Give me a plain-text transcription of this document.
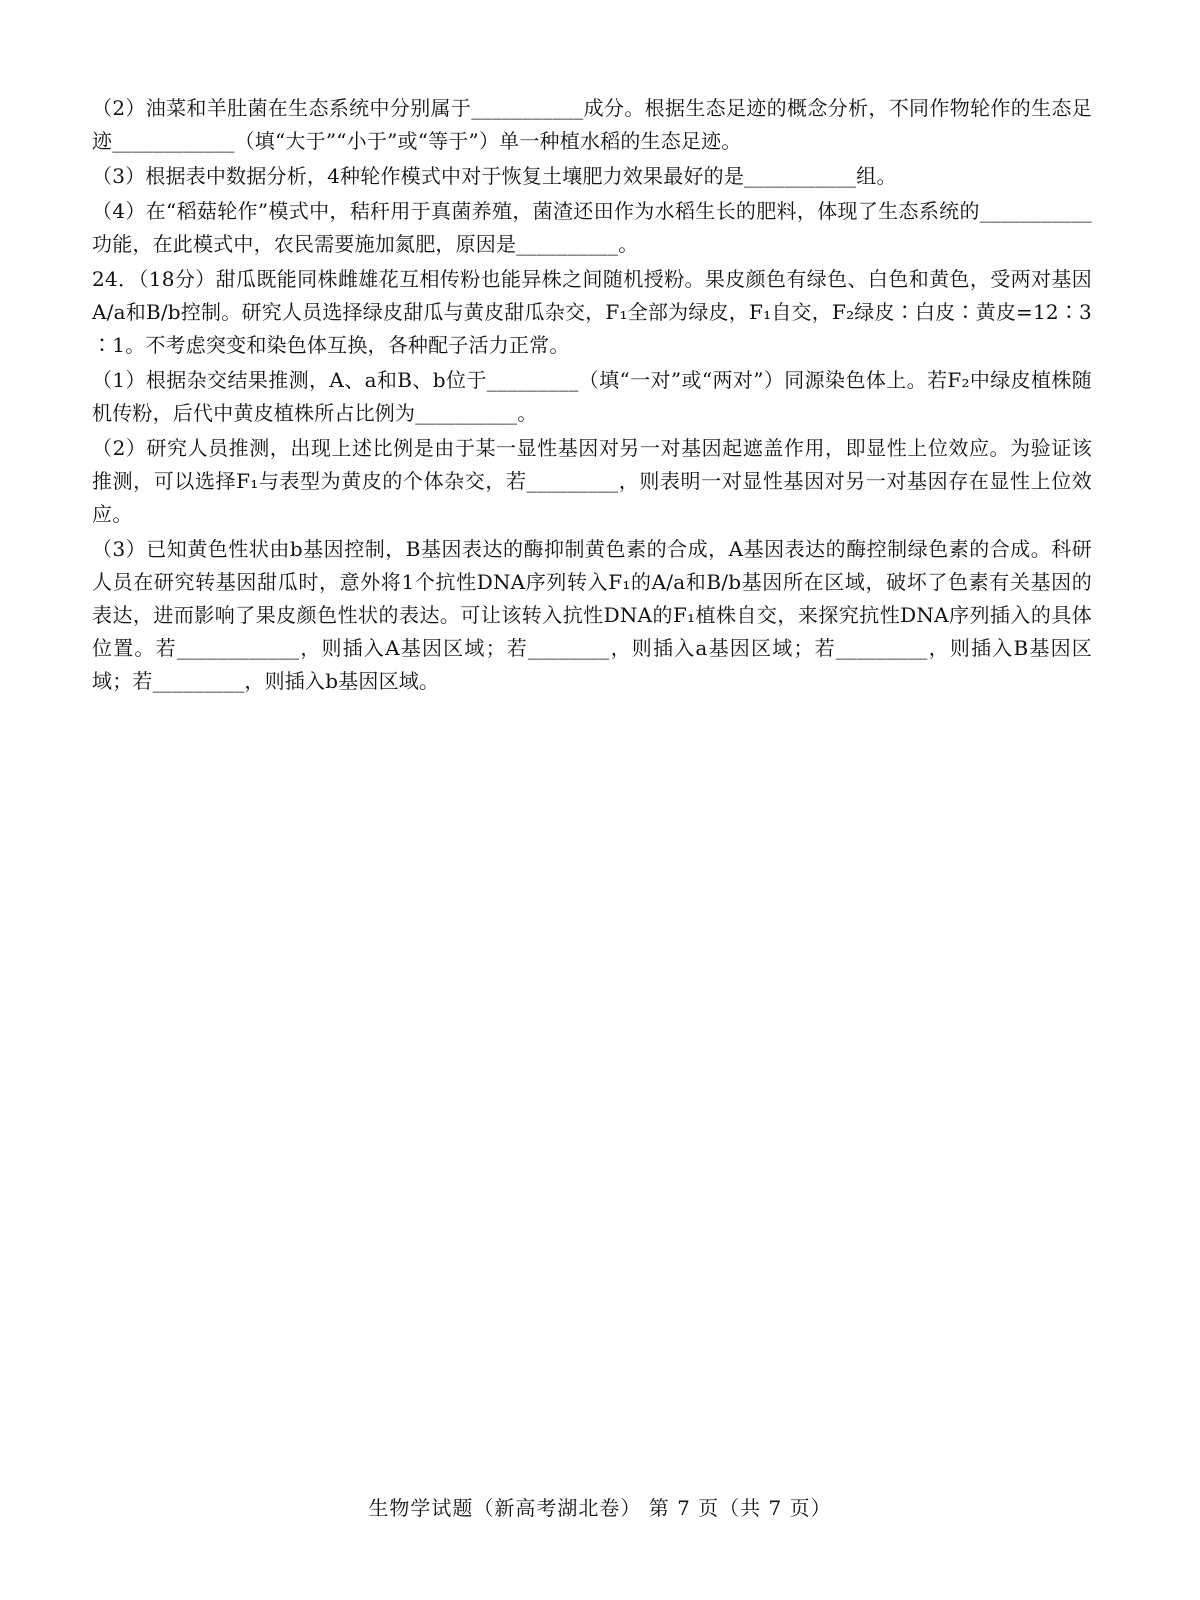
（2）油菜和羊肚菌在生态系统中分别属于___________成分。根据生态足迹的概念分析，不同作物轮作的生态足迹____________（填“大于”“小于”或“等于”）单一种植水稻的生态足迹。

（3）根据表中数据分析，4种轮作模式中对于恢复土壤肥力效果最好的是___________组。

（4）在“稻菇轮作”模式中，秸秆用于真菌养殖，菌渣还田作为水稻生长的肥料，体现了生态系统的___________功能，在此模式中，农民需要施加氮肥，原因是__________。

24．（18分）甜瓜既能同株雌雄花互相传粉也能异株之间随机授粉。果皮颜色有绿色、白色和黄色，受两对基因A/a和B/b控制。研究人员选择绿皮甜瓜与黄皮甜瓜杂交，F₁全部为绿皮，F₁自交，F₂绿皮∶白皮∶黄皮=12∶3∶1。不考虑突变和染色体互换，各种配子活力正常。

（1）根据杂交结果推测，A、a和B、b位于_________（填“一对”或“两对”）同源染色体上。若F₂中绿皮植株随机传粉，后代中黄皮植株所占比例为__________。

（2）研究人员推测，出现上述比例是由于某一显性基因对另一对基因起遮盖作用，即显性上位效应。为验证该推测，可以选择F₁与表型为黄皮的个体杂交，若_________，则表明一对显性基因对另一对基因存在显性上位效应。

（3）已知黄色性状由b基因控制，B基因表达的酶抑制黄色素的合成，A基因表达的酶控制绿色素的合成。科研人员在研究转基因甜瓜时，意外将1个抗性DNA序列转入F₁的A/a和B/b基因所在区域，破坏了色素有关基因的表达，进而影响了果皮颜色性状的表达。可让该转入抗性DNA的F₁植株自交，来探究抗性DNA序列插入的具体位置。若____________，则插入A基因区域；若________，则插入a基因区域；若_________，则插入B基因区域；若_________，则插入b基因区域。

生物学试题（新高考湖北卷） 第 7 页（共 7 页）
